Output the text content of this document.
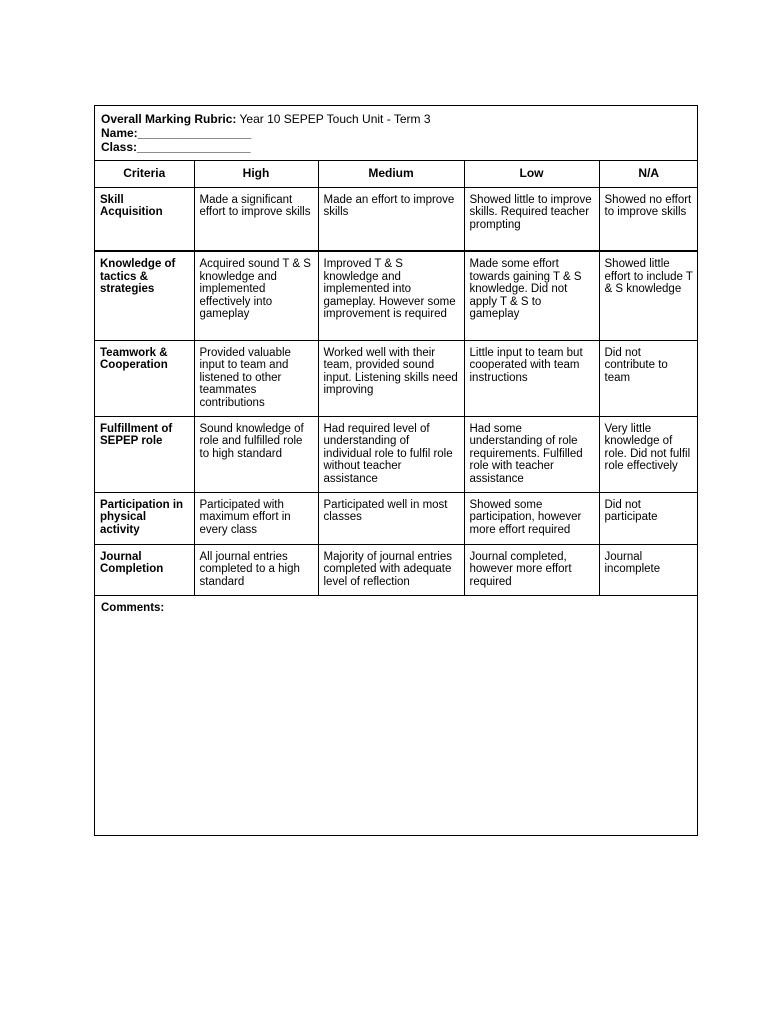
Overall Marking Rubric: Year 10 SEPEP Touch Unit - Term 3
Name:_________________
Class:_________________
Criteria	High	Medium	Low	N/A
Skill Acquisition	Made a significant effort to improve skills	Made an effort to improve skills	Showed little to improve skills. Required teacher prompting	Showed no effort to improve skills
Knowledge of tactics & strategies	Acquired sound T & S knowledge and implemented effectively into gameplay	Improved T & S knowledge and implemented into gameplay. However some improvement is required	Made some effort towards gaining T & S knowledge. Did not apply T & S to gameplay	Showed little effort to include T & S knowledge
Teamwork & Cooperation	Provided valuable input to team and listened to other teammates contributions	Worked well with their team, provided sound input. Listening skills need improving	Little input to team but cooperated with team instructions	Did not contribute to team
Fulfillment of SEPEP role	Sound knowledge of role and fulfilled role to high standard	Had required level of understanding of individual role to fulfil role without teacher assistance	Had some understanding of role requirements. Fulfilled role with teacher assistance	Very little knowledge of role. Did not fulfil role effectively
Participation in physical activity	Participated with maximum effort in every class	Participated well in most classes	Showed some participation, however more effort required	Did not participate
Journal Completion	All journal entries completed to a high standard	Majority of journal entries completed with adequate level of reflection	Journal completed, however more effort required	Journal incomplete
Comments:
